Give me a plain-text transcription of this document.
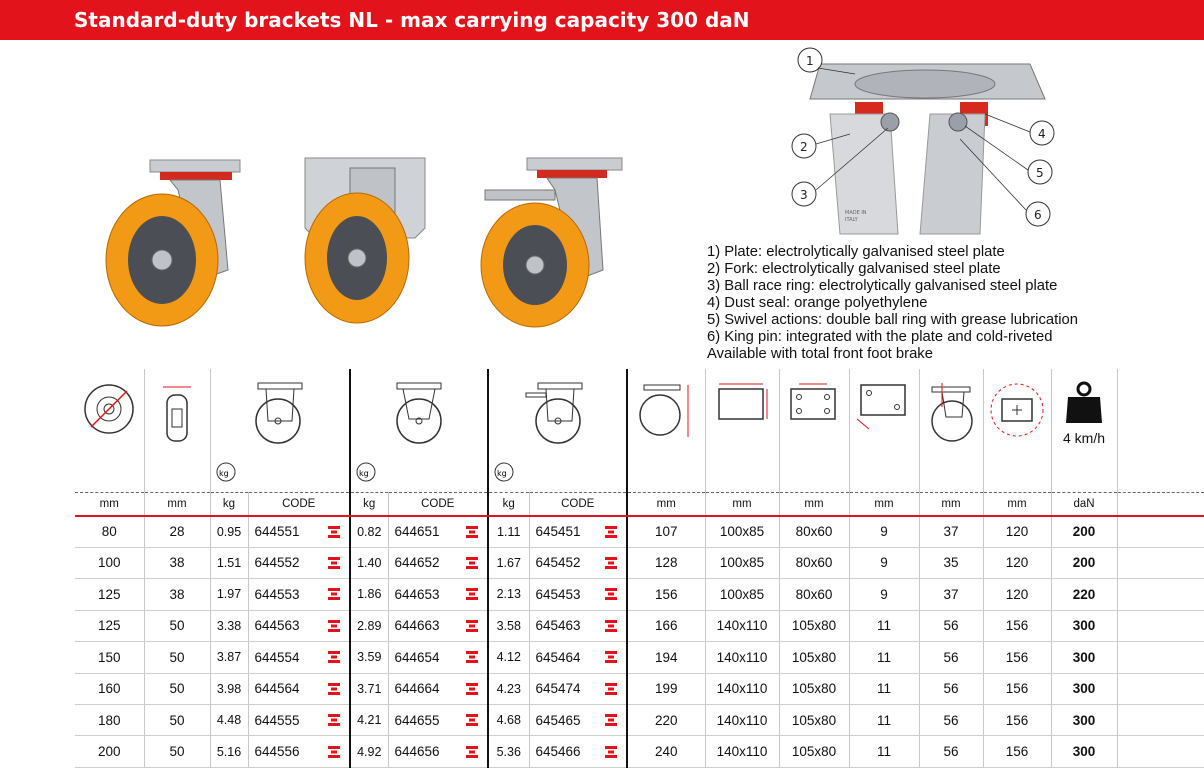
Standard-duty brackets NL - max carrying capacity 300 daN
MADE IN
ITALY
1
2
3
4
5
6
1) Plate: electrolytically galvanised steel plate
2) Fork: electrolytically galvanised steel plate
3) Ball race ring: electrolytically galvanised steel plate
4) Dust seal: orange polyethylene
5) Swivel actions: double ball ring with grease lubrication
6) King pin: integrated with the plate and cold-riveted
Available with total front foot brake

kg		kg		kg								4 km/h	

mm	mm	kg	CODE	kg	CODE	kg	CODE	mm	mm	mm	mm	mm	mm	daN	
80	28	0.95	644551	0.82	644651	1.11	645451	107	100x85	80x60	9	37	120	200	
100	38	1.51	644552	1.40	644652	1.67	645452	128	100x85	80x60	9	35	120	200	
125	38	1.97	644553	1.86	644653	2.13	645453	156	100x85	80x60	9	37	120	220	
125	50	3.38	644563	2.89	644663	3.58	645463	166	140x110	105x80	11	56	156	300	
150	50	3.87	644554	3.59	644654	4.12	645464	194	140x110	105x80	11	56	156	300	
160	50	3.98	644564	3.71	644664	4.23	645474	199	140x110	105x80	11	56	156	300	
180	50	4.48	644555	4.21	644655	4.68	645465	220	140x110	105x80	11	56	156	300	
200	50	5.16	644556	4.92	644656	5.36	645466	240	140x110	105x80	11	56	156	300	
